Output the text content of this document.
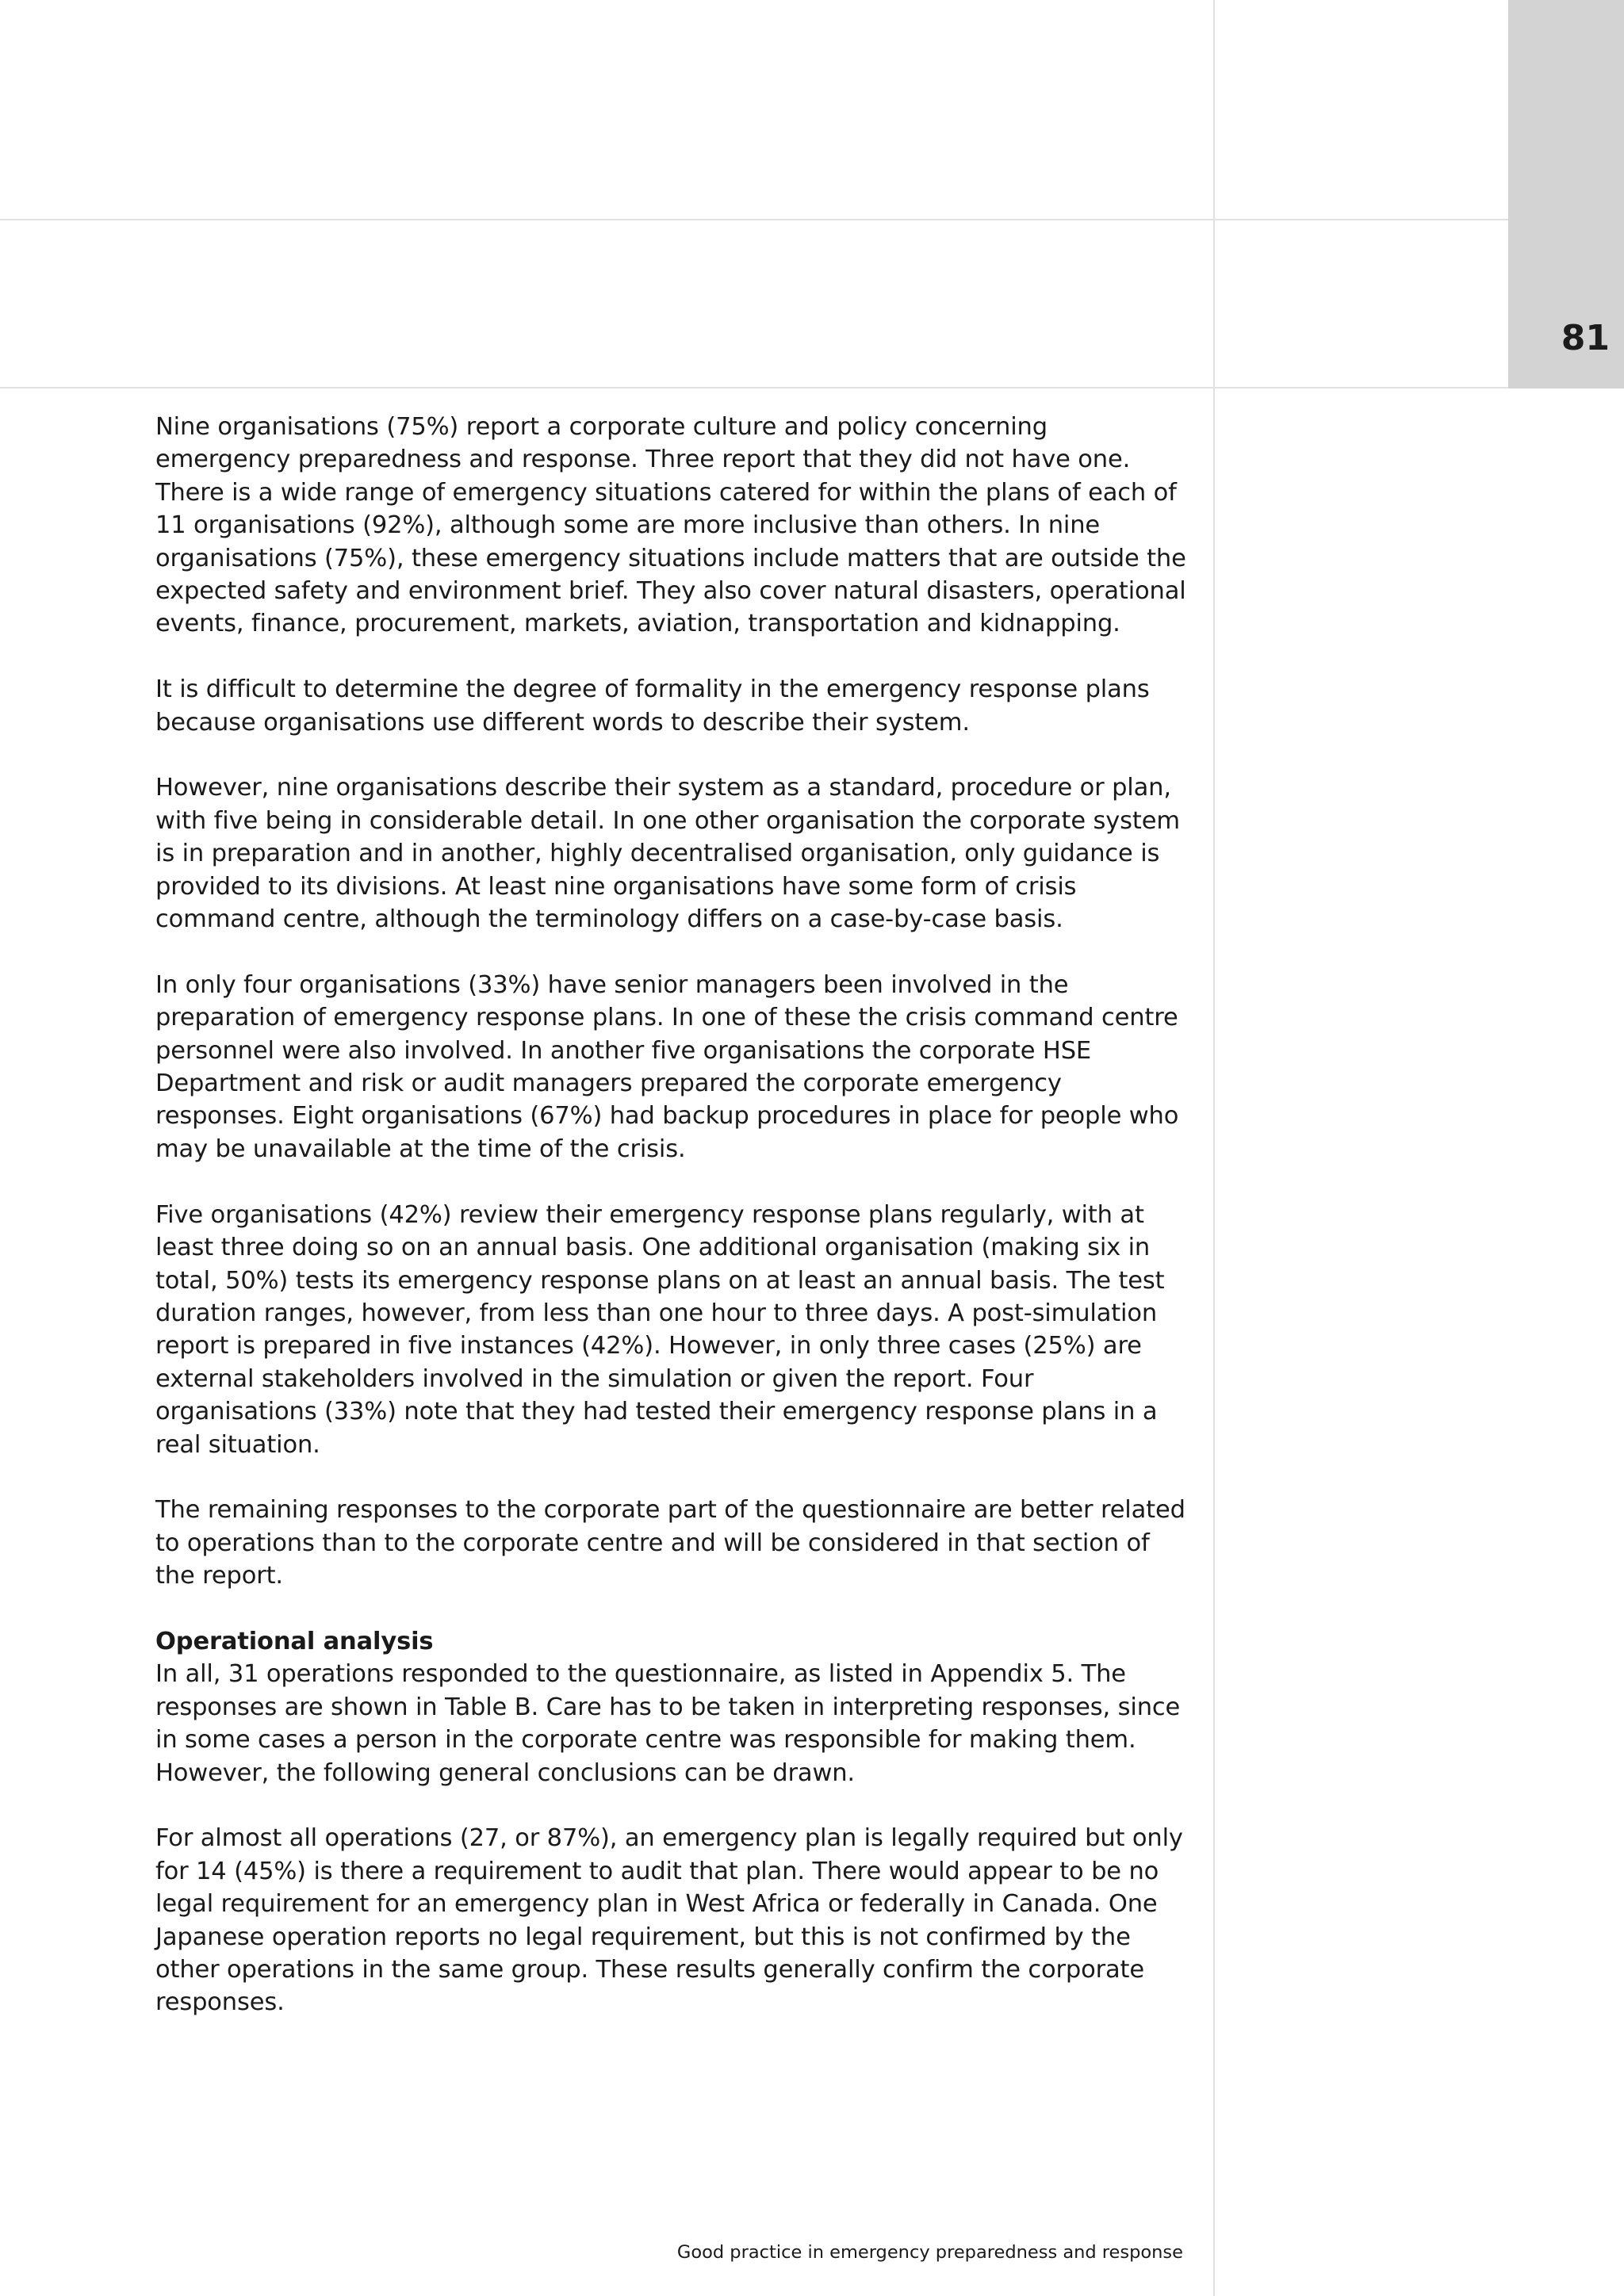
81

Nine organisations (75%) report a corporate culture and policy concerning emergency preparedness and response. Three report that they did not have one. There is a wide range of emergency situations catered for within the plans of each of 11 organisations (92%), although some are more inclusive than others. In nine organisations (75%), these emergency situations include matters that are outside the expected safety and environment brief. They also cover natural disasters, operational events, finance, procurement, markets, aviation, transportation and kidnapping.

It is difficult to determine the degree of formality in the emergency response plans because organisations use different words to describe their system.

However, nine organisations describe their system as a standard, procedure or plan, with five being in considerable detail. In one other organisation the corporate system is in preparation and in another, highly decentralised organisation, only guidance is provided to its divisions. At least nine organisations have some form of crisis command centre, although the terminology differs on a case-by-case basis.

In only four organisations (33%) have senior managers been involved in the preparation of emergency response plans. In one of these the crisis command centre personnel were also involved. In another five organisations the corporate HSE Department and risk or audit managers prepared the corporate emergency responses. Eight organisations (67%) had backup procedures in place for people who may be unavailable at the time of the crisis.

Five organisations (42%) review their emergency response plans regularly, with at least three doing so on an annual basis. One additional organisation (making six in total, 50%) tests its emergency response plans on at least an annual basis. The test duration ranges, however, from less than one hour to three days. A post-simulation report is prepared in five instances (42%). However, in only three cases (25%) are external stakeholders involved in the simulation or given the report. Four organisations (33%) note that they had tested their emergency response plans in a real situation.

The remaining responses to the corporate part of the questionnaire are better related to operations than to the corporate centre and will be considered in that section of the report.

Operational analysis
In all, 31 operations responded to the questionnaire, as listed in Appendix 5. The responses are shown in Table B. Care has to be taken in interpreting responses, since in some cases a person in the corporate centre was responsible for making them. However, the following general conclusions can be drawn.

For almost all operations (27, or 87%), an emergency plan is legally required but only for 14 (45%) is there a requirement to audit that plan. There would appear to be no legal requirement for an emergency plan in West Africa or federally in Canada. One Japanese operation reports no legal requirement, but this is not confirmed by the other operations in the same group. These results generally confirm the corporate responses.

Good practice in emergency preparedness and response
